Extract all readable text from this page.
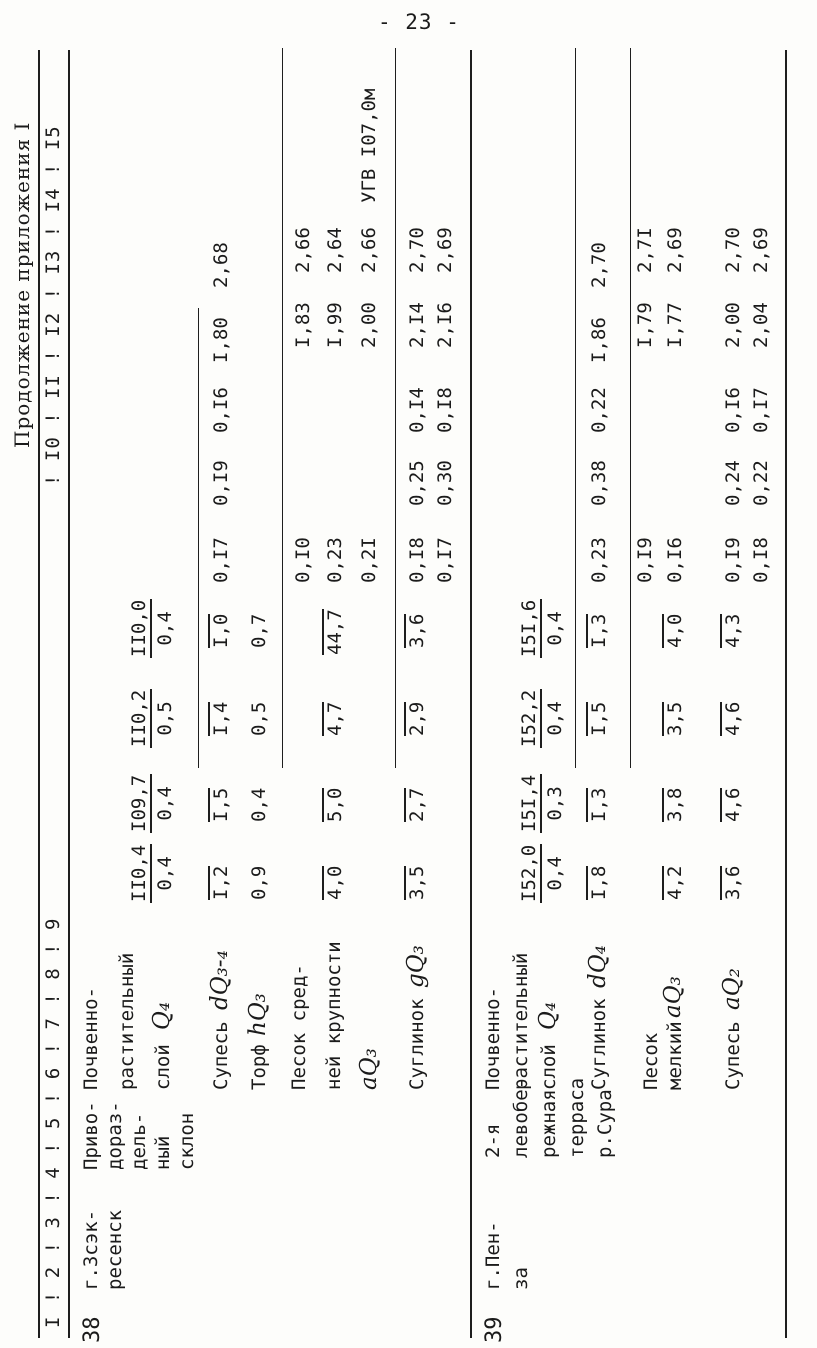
- 23 -
Продолжение приложения I
I ! 2 ! 3 ! 4 ! 5 ! 6 ! 7 ! 8 ! 9
! I0 ! II ! I2 ! I3 ! I4 ! I5
38
г.Зсэк- ресенск
Приво- дораз- дель- ный склон
Почвенно- растительный слой
Q₄
II0,4 0,4
I09,7 0,4
II0,2 0,5
II0,0 0,4
Супесь
dQ₃-₄
I,2
I,5
I,4
I,0
0,I7
0,I9
0,I6
I,80
2,68
Торф
hQ₃
0,9
0,4
0,5
0,7
Песок сред- ней крупности aQ₃
4,0
5,0
4,7
44,7
0,I0 0,23 0,2I
I,83 I,99 2,00
2,66 2,64 2,66
УГВ I07,0м
Суглинок
gQ₃
3,5
2,7
2,9
3,6
0,I8 0,I7
0,25 0,30
0,I4 0,I8
2,I4 2,I6
2,70 2,69
39
г.Пен- за
2-я левобе- режная терраса р.Сура
Почвенно- растительный слой
Q₄
I52,0 0,4
I5I,4 0,3
I52,2 0,4
I5I,6 0,4
Суглинок
dQ₄
I,8
I,3
I,5
I,3
0,23
0,38
0,22
I,86
2,70
Песок мелкий
aQ₃
4,2
3,8
3,5
4,0
0,I9 0,I6
I,79 I,77
2,7I 2,69
Супесь
aQ₂
3,6
4,6
4,6
4,3
0,I9 0,I8
0,24 0,22
0,I6 0,I7
2,00 2,04
2,70 2,69
